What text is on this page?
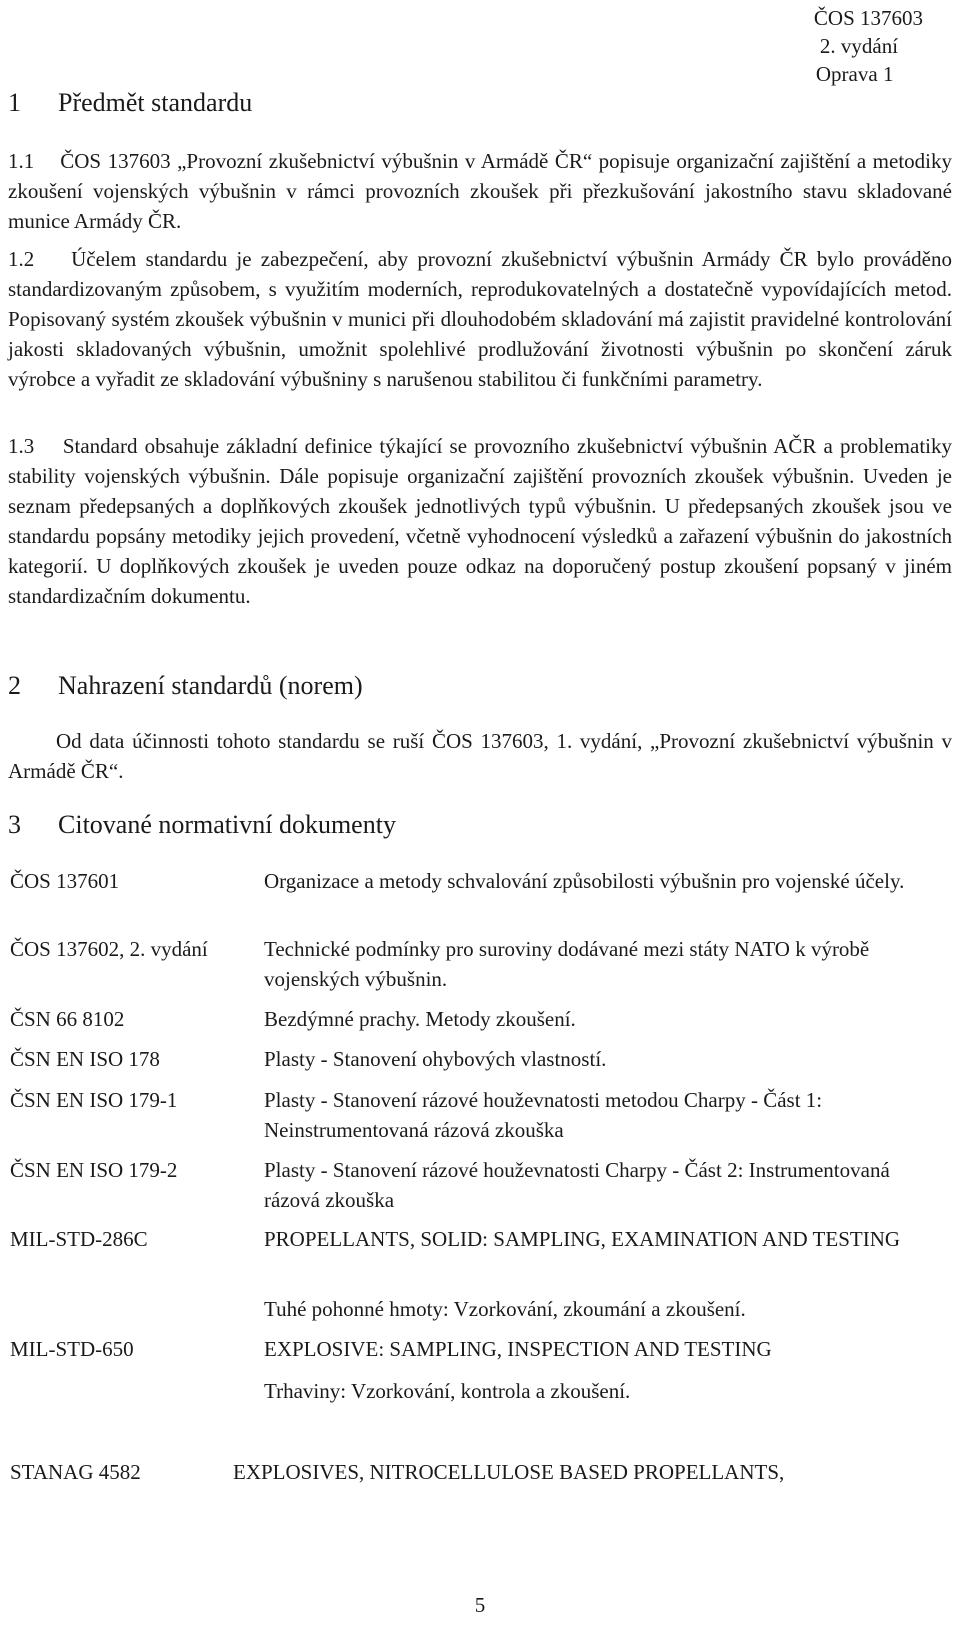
ČOS 137603
2. vydání
Oprava 1
1 Předmět standardu

1.1 ČOS 137603 „Provozní zkušebnictví výbušnin v Armádě ČR“ popisuje organizační zajištění a metodiky zkoušení vojenských výbušnin v rámci provozních zkoušek při přezkušování jakostního stavu skladované munice Armády ČR.

1.2 Účelem standardu je zabezpečení, aby provozní zkušebnictví výbušnin Armády ČR bylo prováděno standardizovaným způsobem, s využitím moderních, reprodukovatelných a dostatečně vypovídajících metod. Popisovaný systém zkoušek výbušnin v munici při dlouhodobém skladování má zajistit pravidelné kontrolování jakosti skladovaných výbušnin, umožnit spolehlivé prodlužování životnosti výbušnin po skončení záruk výrobce a vyřadit ze skladování výbušniny s narušenou stabilitou či funkčními parametry.

1.3 Standard obsahuje základní definice týkající se provozního zkušebnictví výbušnin AČR a problematiky stability vojenských výbušnin. Dále popisuje organizační zajištění provozních zkoušek výbušnin. Uveden je seznam předepsaných a doplňkových zkoušek jednotlivých typů výbušnin. U předepsaných zkoušek jsou ve standardu popsány metodiky jejich provedení, včetně vyhodnocení výsledků a zařazení výbušnin do jakostních kategorií. U doplňkových zkoušek je uveden pouze odkaz na doporučený postup zkoušení popsaný v jiném standardizačním dokumentu.

2 Nahrazení standardů (norem)

Od data účinnosti tohoto standardu se ruší ČOS 137603, 1. vydání, „Provozní zkušebnictví výbušnin v Armádě ČR“.

3 Citované normativní dokumenty
ČOS 137601	Organizace a metody schvalování způsobilosti výbušnin pro vojenské účely.
ČOS 137602, 2. vydání	Technické podmínky pro suroviny dodávané mezi státy NATO k výrobě vojenských výbušnin.
ČSN 66 8102	Bezdýmné prachy. Metody zkoušení.
ČSN EN ISO 178	Plasty - Stanovení ohybových vlastností.
ČSN EN ISO 179-1	Plasty - Stanovení rázové houževnatosti metodou Charpy - Část 1: Neinstrumentovaná rázová zkouška
ČSN EN ISO 179-2	Plasty - Stanovení rázové houževnatosti Charpy - Část 2: Instrumentovaná rázová zkouška
MIL-STD-286C	PROPELLANTS, SOLID: SAMPLING, EXAMINATION AND TESTING
Tuhé pohonné hmoty: Vzorkování, zkoumání a zkoušení.
MIL-STD-650	EXPLOSIVE: SAMPLING, INSPECTION AND TESTING
Trhaviny: Vzorkování, kontrola a zkoušení.
STANAG 4582	EXPLOSIVES, NITROCELLULOSE BASED PROPELLANTS,
5
